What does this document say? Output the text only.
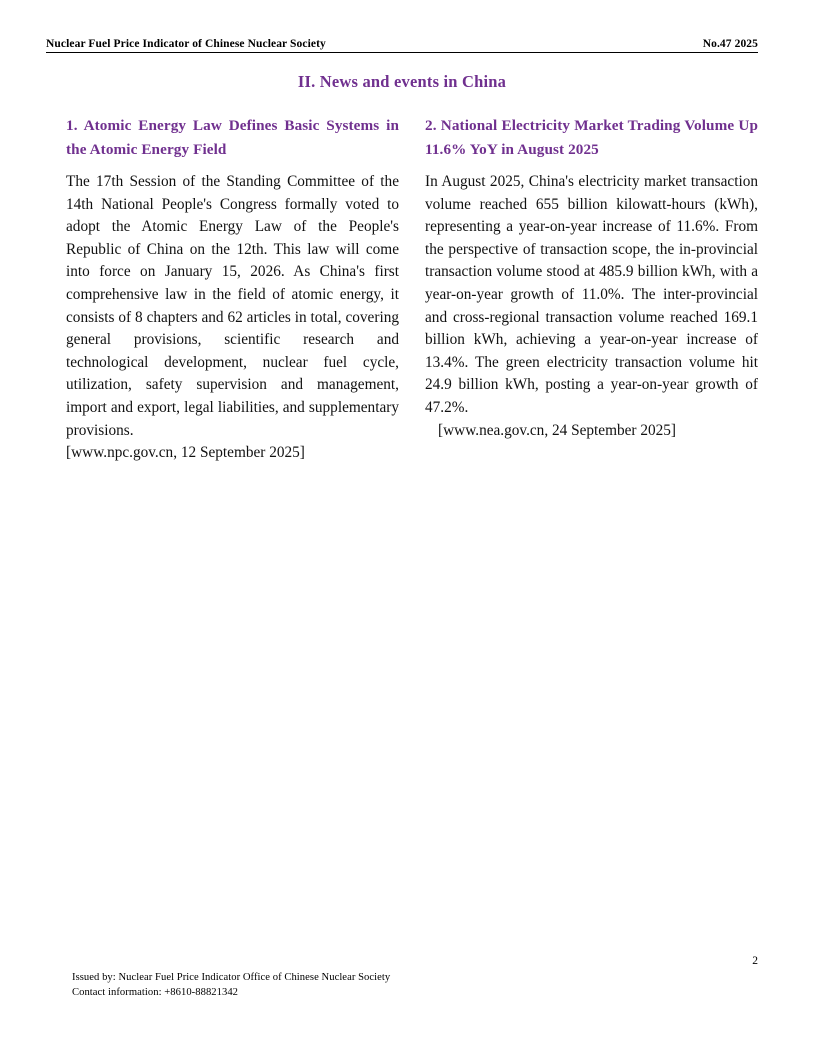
Nuclear Fuel Price Indicator of Chinese Nuclear Society	No.47 2025
II. News and events in China
1. Atomic Energy Law Defines Basic Systems in the Atomic Energy Field

The 17th Session of the Standing Committee of the 14th National People's Congress formally voted to adopt the Atomic Energy Law of the People's Republic of China on the 12th. This law will come into force on January 15, 2026. As China's first comprehensive law in the field of atomic energy, it consists of 8 chapters and 62 articles in total, covering general provisions, scientific research and technological development, nuclear fuel cycle, utilization, safety supervision and management, import and export, legal liabilities, and supplementary provisions.

[www.npc.gov.cn, 12 September 2025]

2. National Electricity Market Trading Volume Up 11.6% YoY in August 2025

In August 2025, China's electricity market transaction volume reached 655 billion kilowatt-hours (kWh), representing a year-on-year increase of 11.6%. From the perspective of transaction scope, the in-provincial transaction volume stood at 485.9 billion kWh, with a year-on-year growth of 11.0%. The inter-provincial and cross-regional transaction volume reached 169.1 billion kWh, achieving a year-on-year increase of 13.4%. The green electricity transaction volume hit 24.9 billion kWh, posting a year-on-year growth of 47.2%.

[www.nea.gov.cn, 24 September 2025]

2
Issued by: Nuclear Fuel Price Indicator Office of Chinese Nuclear Society
Contact information: +8610-88821342
